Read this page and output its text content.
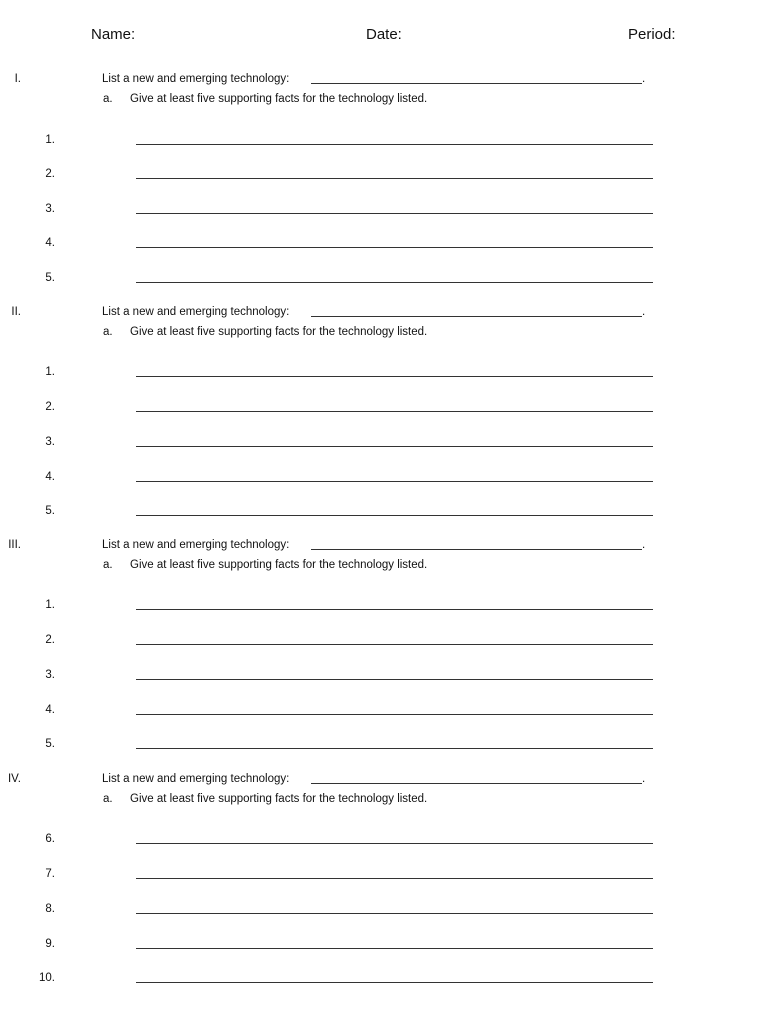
Name:	Date:	Period:
I.	List a new and emerging technology:	.
a. Give at least five supporting facts for the technology listed.
1.
2.
3.
4.
5.
II.	List a new and emerging technology:	.
a. Give at least five supporting facts for the technology listed.
1.
2.
3.
4.
5.
III.	List a new and emerging technology:	.
a. Give at least five supporting facts for the technology listed.
1.
2.
3.
4.
5.
IV.	List a new and emerging technology:	.
a. Give at least five supporting facts for the technology listed.
6.
7.
8.
9.
10.
